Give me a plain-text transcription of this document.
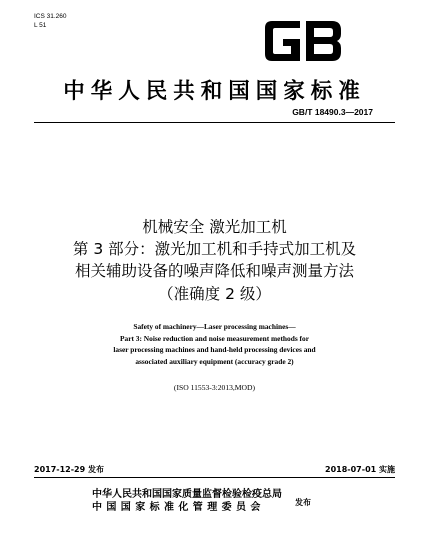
ICS 31.260
L 51
中华人民共和国国家标准
GB/T 18490.3—2017
机械安全 激光加工机
第 3 部分：激光加工机和手持式加工机及
相关辅助设备的噪声降低和噪声测量方法
（准确度 2 级）
Safety of machinery—Laser processing machines—
Part 3: Noise reduction and noise measurement methods for
laser processing machines and hand-held processing devices and
associated auxiliary equipment (accuracy grade 2)
(ISO 11553-3:2013,MOD)
2017-12-29 发布	2018-07-01 实施
中华人民共和国国家质量监督检验检疫总局
中国国家标准化管理委员会	发布
